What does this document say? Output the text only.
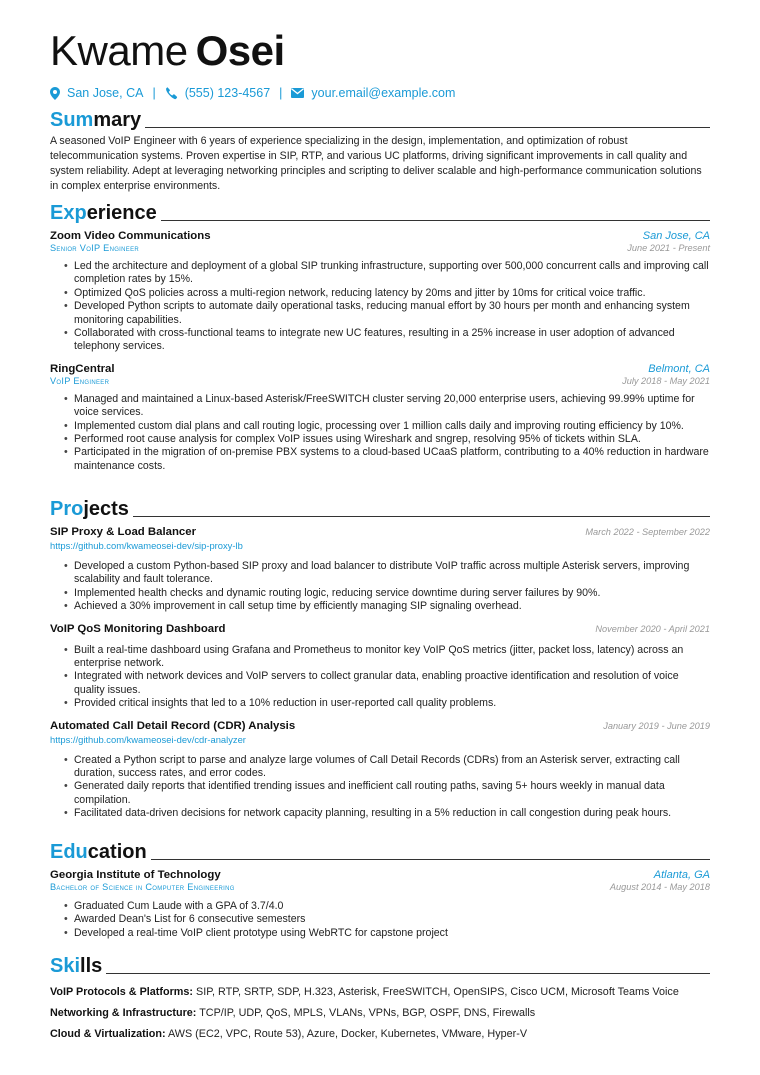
Kwame Osei
San Jose, CA | (555) 123-4567 | your.email@example.com
Summary

A seasoned VoIP Engineer with 6 years of experience specializing in the design, implementation, and optimization of robust telecommunication systems. Proven expertise in SIP, RTP, and various UC platforms, driving significant improvements in call quality and system reliability. Adept at leveraging networking principles and scripting to deliver scalable and high-performance communication solutions in complex enterprise environments.

Experience
Zoom Video Communications	San Jose, CA
Senior VoIP Engineer	June 2021 - Present
• Led the architecture and deployment of a global SIP trunking infrastructure, supporting over 500,000 concurrent calls and improving call completion rates by 15%.
• Optimized QoS policies across a multi-region network, reducing latency by 20ms and jitter by 10ms for critical voice traffic.
• Developed Python scripts to automate daily operational tasks, reducing manual effort by 30 hours per month and enhancing system monitoring capabilities.
• Collaborated with cross-functional teams to integrate new UC features, resulting in a 25% increase in user adoption of advanced telephony services.
RingCentral	Belmont, CA
VoIP Engineer	July 2018 - May 2021
• Managed and maintained a Linux-based Asterisk/FreeSWITCH cluster serving 20,000 enterprise users, achieving 99.99% uptime for voice services.
• Implemented custom dial plans and call routing logic, processing over 1 million calls daily and improving routing efficiency by 10%.
• Performed root cause analysis for complex VoIP issues using Wireshark and sngrep, resolving 95% of tickets within SLA.
• Participated in the migration of on-premise PBX systems to a cloud-based UCaaS platform, contributing to a 40% reduction in hardware maintenance costs.
Projects
SIP Proxy & Load Balancer	March 2022 - September 2022
https://github.com/kwameosei-dev/sip-proxy-lb
• Developed a custom Python-based SIP proxy and load balancer to distribute VoIP traffic across multiple Asterisk servers, improving scalability and fault tolerance.
• Implemented health checks and dynamic routing logic, reducing service downtime during server failures by 90%.
• Achieved a 30% improvement in call setup time by efficiently managing SIP signaling overhead.
VoIP QoS Monitoring Dashboard	November 2020 - April 2021
• Built a real-time dashboard using Grafana and Prometheus to monitor key VoIP QoS metrics (jitter, packet loss, latency) across an enterprise network.
• Integrated with network devices and VoIP servers to collect granular data, enabling proactive identification and resolution of voice quality issues.
• Provided critical insights that led to a 10% reduction in user-reported call quality problems.
Automated Call Detail Record (CDR) Analysis	January 2019 - June 2019
https://github.com/kwameosei-dev/cdr-analyzer
• Created a Python script to parse and analyze large volumes of Call Detail Records (CDRs) from an Asterisk server, extracting call duration, success rates, and error codes.
• Generated daily reports that identified trending issues and inefficient call routing paths, saving 5+ hours weekly in manual data compilation.
• Facilitated data-driven decisions for network capacity planning, resulting in a 5% reduction in call congestion during peak hours.
Education
Georgia Institute of Technology	Atlanta, GA
Bachelor of Science in Computer Engineering	August 2014 - May 2018
• Graduated Cum Laude with a GPA of 3.7/4.0
• Awarded Dean's List for 6 consecutive semesters
• Developed a real-time VoIP client prototype using WebRTC for capstone project
Skills
VoIP Protocols & Platforms: SIP, RTP, SRTP, SDP, H.323, Asterisk, FreeSWITCH, OpenSIPS, Cisco UCM, Microsoft Teams Voice
Networking & Infrastructure: TCP/IP, UDP, QoS, MPLS, VLANs, VPNs, BGP, OSPF, DNS, Firewalls
Cloud & Virtualization: AWS (EC2, VPC, Route 53), Azure, Docker, Kubernetes, VMware, Hyper-V
